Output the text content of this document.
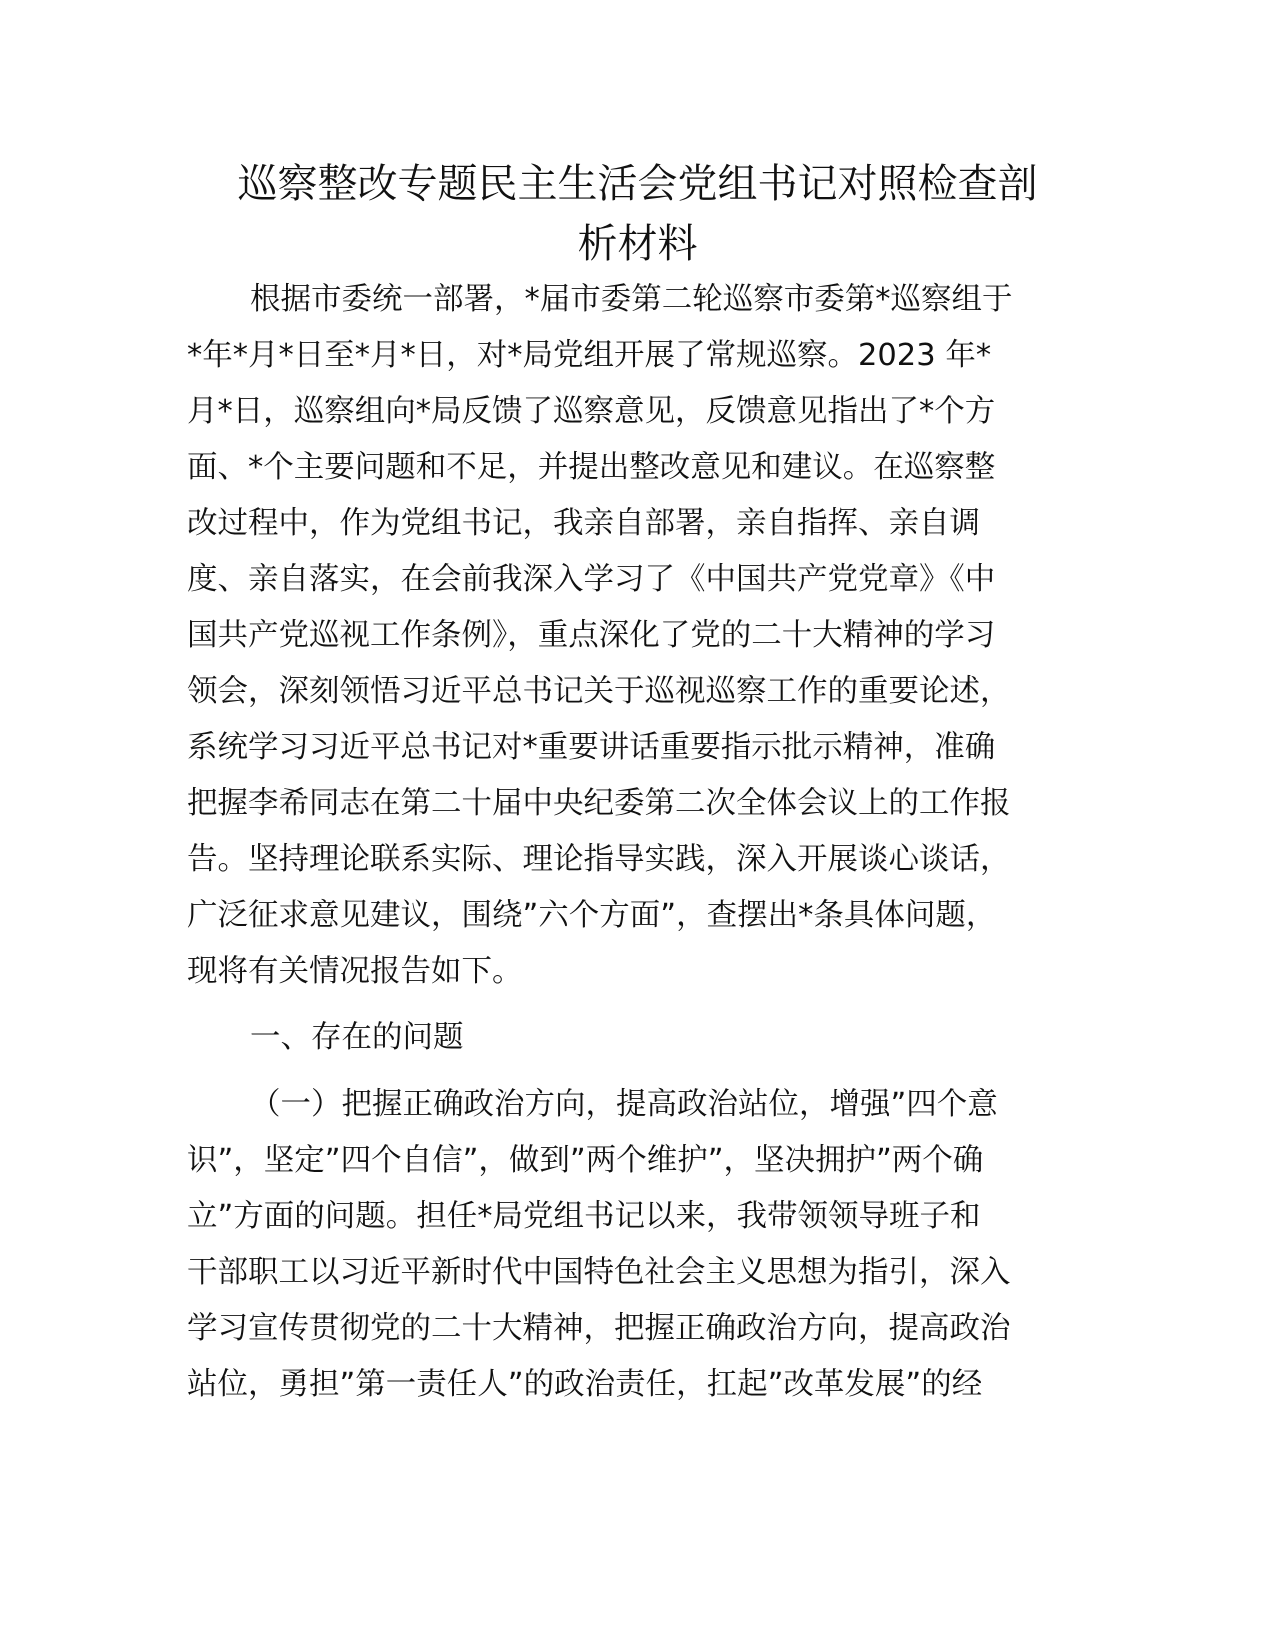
巡察整改专题民主生活会党组书记对照检查剖
析材料
根据市委统一部署，*届市委第二轮巡察市委第*巡察组于
*年*月*日至*月*日，对*局党组开展了常规巡察。2023 年*
月*日，巡察组向*局反馈了巡察意见，反馈意见指出了*个方
面、*个主要问题和不足，并提出整改意见和建议。在巡察整
改过程中，作为党组书记，我亲自部署，亲自指挥、亲自调
度、亲自落实，在会前我深入学习了《中国共产党党章》《中
国共产党巡视工作条例》，重点深化了党的二十大精神的学习
领会，深刻领悟习近平总书记关于巡视巡察工作的重要论述，
系统学习习近平总书记对*重要讲话重要指示批示精神，准确
把握李希同志在第二十届中央纪委第二次全体会议上的工作报
告。坚持理论联系实际、理论指导实践，深入开展谈心谈话，
广泛征求意见建议，围绕”六个方面”，查摆出*条具体问题，
现将有关情况报告如下。
一、存在的问题
（一）把握正确政治方向，提高政治站位，增强”四个意
识”，坚定”四个自信”，做到”两个维护”，坚决拥护”两个确
立”方面的问题。担任*局党组书记以来，我带领领导班子和
干部职工以习近平新时代中国特色社会主义思想为指引，深入
学习宣传贯彻党的二十大精神，把握正确政治方向，提高政治
站位，勇担”第一责任人”的政治责任，扛起”改革发展”的经
